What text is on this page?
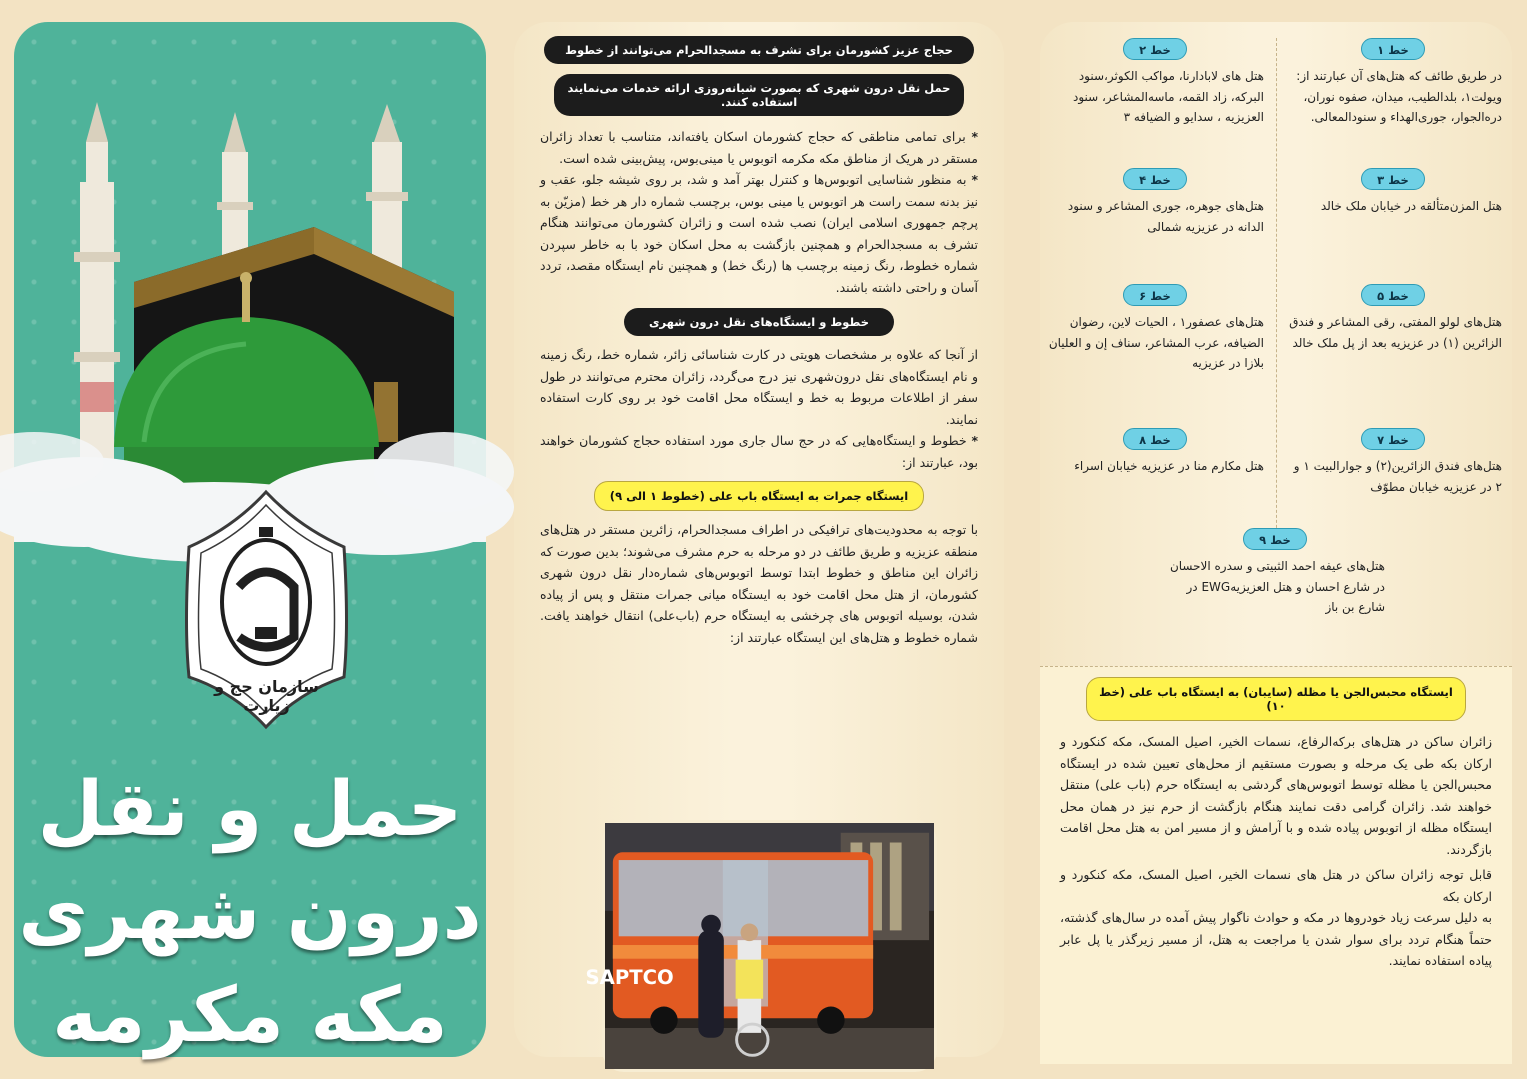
سازمان حج و زیارت
حمل و نقل
درون شهری
مکه مکرمه
حجاج عزیز کشورمان برای تشرف به مسجدالحرام می‌توانند از خطوط
حمل نقل درون شهری که بصورت شبانه‌روزی ارائه خدمات می‌نمایند استفاده کنند.

* برای تمامی مناطقی که حجاج کشورمان اسکان یافته‌اند، متناسب با تعداد زائران مستقر در هریک از مناطق مکه مکرمه اتوبوس یا مینی‌بوس، پیش‌بینی شده است.

* به منظور شناسایی اتوبوس‌ها و کنترل بهتر آمد و شد، بر روی شیشه جلو، عقب و نیز بدنه سمت راست هر اتوبوس یا مینی بوس، برچسب شماره دار هر خط (مزیّن به پرچم جمهوری اسلامی ایران) نصب شده است و زائران کشورمان می‌توانند هنگام تشرف به مسجدالحرام و همچنین بازگشت به محل اسکان خود با به خاطر سپردن شماره خطوط، رنگ زمینه برچسب ها (رنگ خط) و همچنین نام ایستگاه مقصد، تردد آسان و راحتی داشته باشند.

خطوط و ایستگاه‌های نقل درون شهری

از آنجا که علاوه بر مشخصات هویتی در کارت شناسائی زائر، شماره خط، رنگ زمینه و نام ایستگاه‌های نقل درون‌شهری نیز درج می‌گردد، زائران محترم می‌توانند در طول سفر از اطلاعات مربوط به خط و ایستگاه محل اقامت خود بر روی کارت استفاده نمایند.

* خطوط و ایستگاه‌هایی که در حج سال جاری مورد استفاده حجاج کشورمان خواهند بود، عبارتند از:

ایستگاه جمرات به ایستگاه باب علی (خطوط ۱ الی ۹)

با توجه به محدودیت‌های ترافیکی در اطراف مسجدالحرام، زائرین مستقر در هتل‌های منطقه عزیزیه و طریق طائف در دو مرحله به حرم مشرف می‌شوند؛ بدین صورت که زائران این مناطق و خطوط ابتدا توسط اتوبوس‌های شماره‌دار نقل درون شهری کشورمان، از هتل محل اقامت خود به ایستگاه میانی جمرات منتقل و پس از پیاده شدن، بوسیله اتوبوس های چرخشی به ایستگاه حرم (باب‌علی) انتقال خواهند یافت. شماره خطوط و هتل‌های این ایستگاه عبارتند از:

SAPTCO
خط ۱
در طریق طائف که هتل‌های آن عبارتند از: ویولت۱، بلدالطیب، میدان، صفوه نوران، دره‌الجوار، جوری‌الهداء و سنودالمعالی.
خط ۲
هتل های لابادارنا، مواکب الکوثر،سنود البرکه، زاد القمه، ماسه‌المشاعر، سنود العزیزیه ، سدایو و الضیافه ۳
خط ۳
هتل المزن‌متألقه در خیابان ملک خالد
خط ۴
هتل‌های جوهره، جوری المشاعر و سنود الدانه در عزیزیه شمالی
خط ۵
هتل‌های لولو المفتی، رقی المشاعر و فندق الزائرین (۱) در عزیزیه بعد از پل ملک خالد
خط ۶
هتل‌های عصفور۱ ، الحیات لاین، رضوان الضیافه، عرب المشاعر، سناف إن و العلیان بلازا در عزیزیه
خط ۷
هتل‌های فندق الزائرین(۲) و جوارالبیت ۱ و ۲ در عزیزیه خیابان مطوّف
خط ۸
هتل مکارم منا در عزیزیه خیابان اسراء
خط ۹
هتل‌های عیفه احمد الثبیتی و سدره الاحسان در شارع احسان و هتل العزیزیهEWG در شارع بن باز
ایستگاه محبس‌الجن یا مظله (سایبان) به ایستگاه باب علی (خط ۱۰)

زائران ساکن در هتل‌های برکه‌الرفاع، نسمات الخیر، اصیل المسک، مکه کنکورد و ارکان بکه طی یک مرحله و بصورت مستقیم از محل‌های تعیین شده در ایستگاه محبس‌الجن یا مظله توسط اتوبوس‌های گردشی به ایستگاه حرم (باب علی) منتقل خواهند شد. زائران گرامی دقت نمایند هنگام بازگشت از حرم نیز در همان محل ایستگاه مظله از اتوبوس پیاده شده و با آرامش و از مسیر امن به هتل محل اقامت بازگردند.

قابل توجه زائران ساکن در هتل های نسمات الخیر، اصیل المسک، مکه کنکورد و ارکان بکه

به دلیل سرعت زیاد خودروها در مکه و حوادث ناگوار پیش آمده در سال‌های گذشته، حتماً هنگام تردد برای سوار شدن یا مراجعت به هتل، از مسیر زیرگذر یا پل عابر پیاده استفاده نمایند.
